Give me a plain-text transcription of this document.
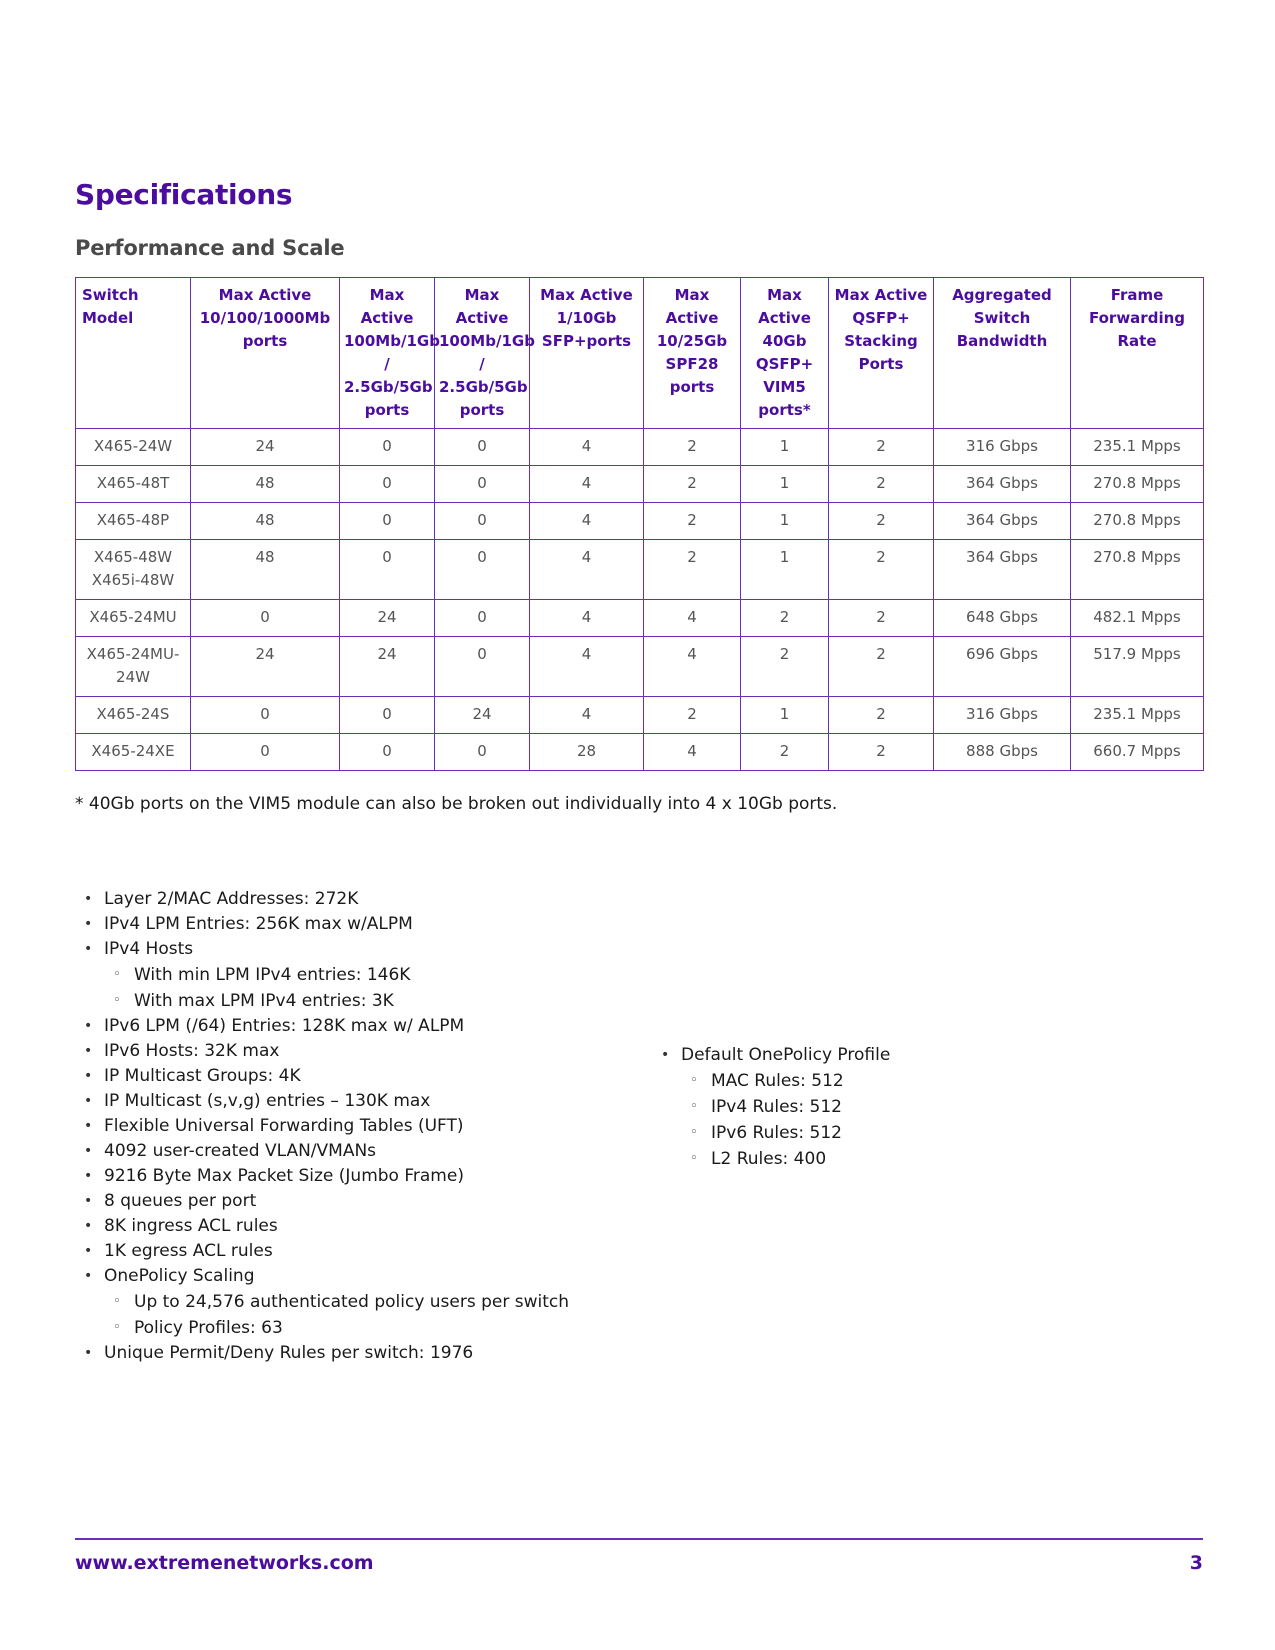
Specifications
Performance and Scale
Switch Model	Max Active 10/100/1000Mb ports	Max Active 100Mb/1Gb / 2.5Gb/5Gb ports	Max Active 100Mb/1Gb / 2.5Gb/5Gb ports	Max Active 1/10Gb SFP+ports	Max Active 10/25Gb SPF28 ports	Max Active 40Gb QSFP+ VIM5 ports*	Max Active QSFP+ Stacking Ports	Aggregated Switch Bandwidth	Frame Forwarding Rate
X465-24W	24	0	0	4	2	1	2	316 Gbps	235.1 Mpps
X465-48T	48	0	0	4	2	1	2	364 Gbps	270.8 Mpps
X465-48P	48	0	0	4	2	1	2	364 Gbps	270.8 Mpps
X465-48W X465i-48W	48	0	0	4	2	1	2	364 Gbps	270.8 Mpps
X465-24MU	0	24	0	4	4	2	2	648 Gbps	482.1 Mpps
X465-24MU-24W	24	24	0	4	4	2	2	696 Gbps	517.9 Mpps
X465-24S	0	0	24	4	2	1	2	316 Gbps	235.1 Mpps
X465-24XE	0	0	0	28	4	2	2	888 Gbps	660.7 Mpps
* 40Gb ports on the VIM5 module can also be broken out individually into 4 x 10Gb ports.
• Layer 2/MAC Addresses: 272K
• IPv4 LPM Entries: 256K max w/ALPM
• IPv4 Hosts
◦ With min LPM IPv4 entries: 146K
◦ With max LPM IPv4 entries: 3K
• IPv6 LPM (/64) Entries: 128K max w/ ALPM
• IPv6 Hosts: 32K max
• IP Multicast Groups: 4K
• IP Multicast (s,v,g) entries – 130K max
• Flexible Universal Forwarding Tables (UFT)
• 4092 user-created VLAN/VMANs
• 9216 Byte Max Packet Size (Jumbo Frame)
• 8 queues per port
• 8K ingress ACL rules
• 1K egress ACL rules
• OnePolicy Scaling
◦ Up to 24,576 authenticated policy users per switch
◦ Policy Profiles: 63
• Unique Permit/Deny Rules per switch: 1976
• Default OnePolicy Profile
◦ MAC Rules: 512
◦ IPv4 Rules: 512
◦ IPv6 Rules: 512
◦ L2 Rules: 400
www.extremenetworks.com	3
